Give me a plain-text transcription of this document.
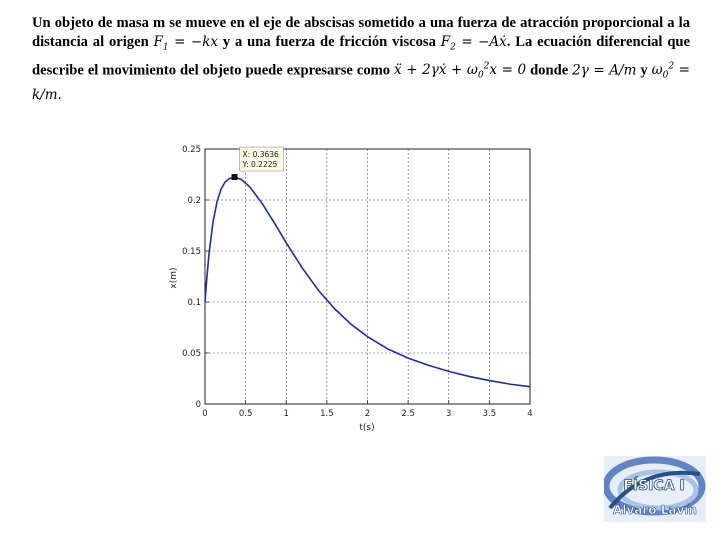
Un objeto de masa m se mueve en el eje de abscisas sometido a una fuerza de atracción proporcional a la distancia al origen $F_1 = -kx$ y a una fuerza de fricción viscosa $F_2$ = −Aẋ. La ecuación diferencial que describe el movimiento del objeto puede expresarse como ẍ + 2γẋ + $\omega_0^2x = 0$ donde 2γ = A/m y $\omega_0^2 = k/m$.
0	0.5	1	1.5	2	2.5	3	3.5	4
0
0.05
0.1
0.15
0.2
0.25	X: 0.3636
Y: 0.2225
t(s)
x(m)
FÍSICA I
Álvaro Lavín
